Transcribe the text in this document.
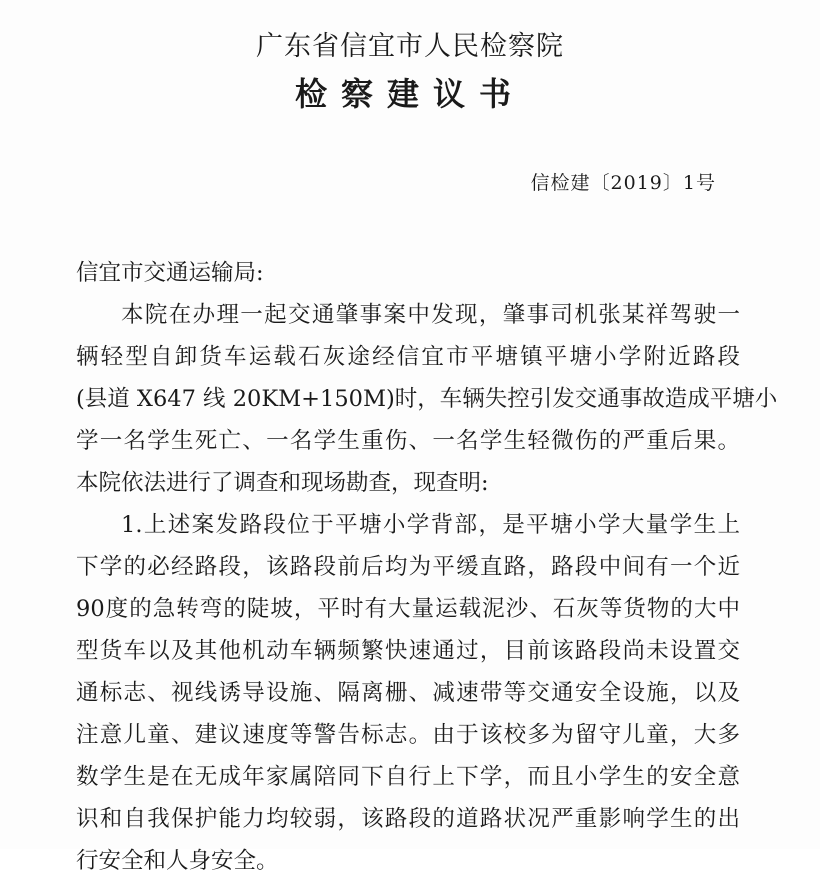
广东省信宜市人民检察院
检察建议书
信检建〔2019〕1号
信宜市交通运输局:
本院在办理一起交通肇事案中发现，肇事司机张某祥驾驶一
辆轻型自卸货车运载石灰途经信宜市平塘镇平塘小学附近路段
(县道 X647 线 20KM+150M)时，车辆失控引发交通事故造成平塘小
学一名学生死亡、一名学生重伤、一名学生轻微伤的严重后果。
本院依法进行了调查和现场勘查，现查明:
1.上述案发路段位于平塘小学背部，是平塘小学大量学生上
下学的必经路段，该路段前后均为平缓直路，路段中间有一个近
90度的急转弯的陡坡，平时有大量运载泥沙、石灰等货物的大中
型货车以及其他机动车辆频繁快速通过，目前该路段尚未设置交
通标志、视线诱导设施、隔离栅、减速带等交通安全设施，以及
注意儿童、建议速度等警告标志。由于该校多为留守儿童，大多
数学生是在无成年家属陪同下自行上下学，而且小学生的安全意
识和自我保护能力均较弱，该路段的道路状况严重影响学生的出
行安全和人身安全。
